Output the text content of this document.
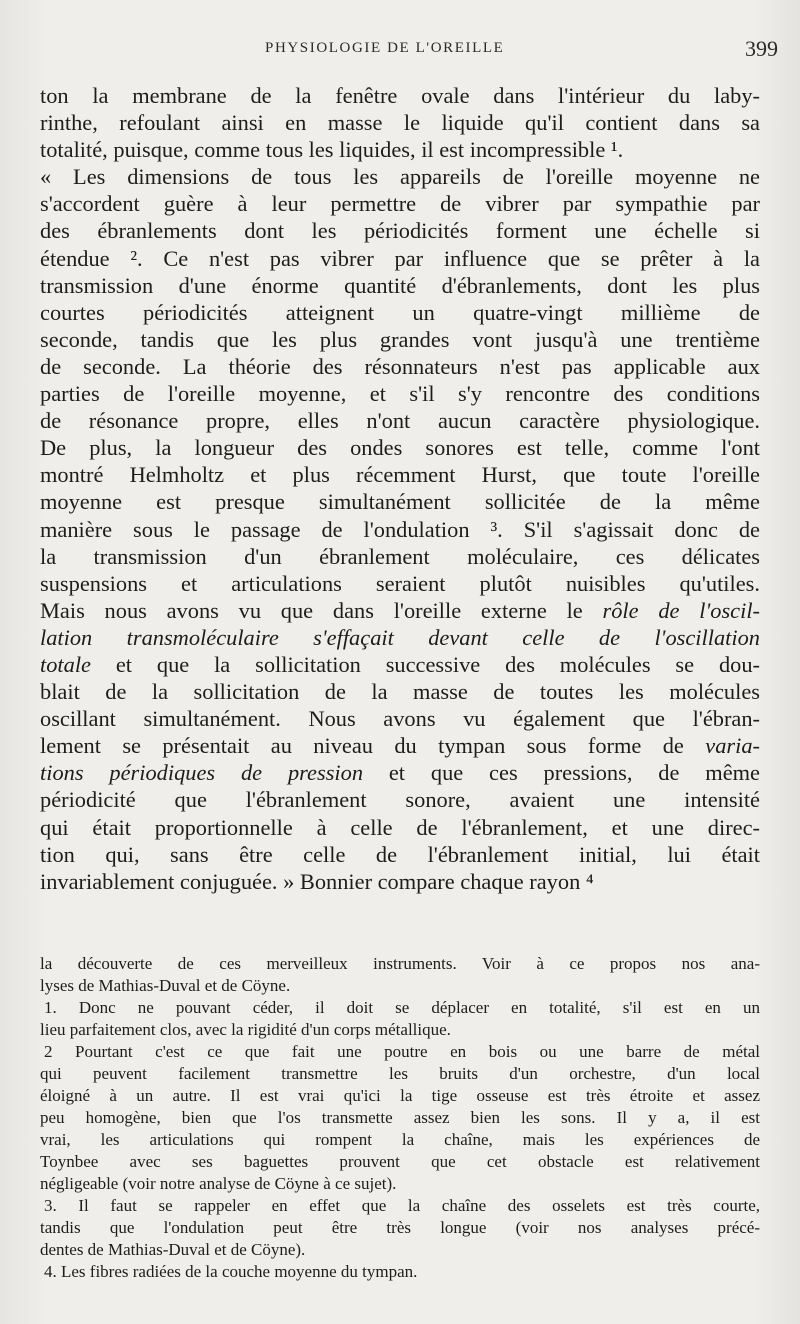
PHYSIOLOGIE DE L'OREILLE	399
ton la membrane de la fenêtre ovale dans l'intérieur du laby-
rinthe, refoulant ainsi en masse le liquide qu'il contient dans sa
totalité, puisque, comme tous les liquides, il est incompressible ¹.
« Les dimensions de tous les appareils de l'oreille moyenne ne
s'accordent guère à leur permettre de vibrer par sympathie par
des ébranlements dont les périodicités forment une échelle si
étendue ². Ce n'est pas vibrer par influence que se prêter à la
transmission d'une énorme quantité d'ébranlements, dont les plus
courtes périodicités atteignent un quatre-vingt millième de
seconde, tandis que les plus grandes vont jusqu'à une trentième
de seconde. La théorie des résonnateurs n'est pas applicable aux
parties de l'oreille moyenne, et s'il s'y rencontre des conditions
de résonance propre, elles n'ont aucun caractère physiologique.
De plus, la longueur des ondes sonores est telle, comme l'ont
montré Helmholtz et plus récemment Hurst, que toute l'oreille
moyenne est presque simultanément sollicitée de la même
manière sous le passage de l'ondulation ³. S'il s'agissait donc de
la transmission d'un ébranlement moléculaire, ces délicates
suspensions et articulations seraient plutôt nuisibles qu'utiles.
Mais nous avons vu que dans l'oreille externe le rôle de l'oscil-
lation transmoléculaire s'effaçait devant celle de l'oscillation
totale et que la sollicitation successive des molécules se dou-
blait de la sollicitation de la masse de toutes les molécules
oscillant simultanément. Nous avons vu également que l'ébran-
lement se présentait au niveau du tympan sous forme de varia-
tions périodiques de pression et que ces pressions, de même
périodicité que l'ébranlement sonore, avaient une intensité
qui était proportionnelle à celle de l'ébranlement, et une direc-
tion qui, sans être celle de l'ébranlement initial, lui était
invariablement conjuguée. » Bonnier compare chaque rayon ⁴
la découverte de ces merveilleux instruments. Voir à ce propos nos ana-
lyses de Mathias-Duval et de Cöyne.
1. Donc ne pouvant céder, il doit se déplacer en totalité, s'il est en un
lieu parfaitement clos, avec la rigidité d'un corps métallique.
2 Pourtant c'est ce que fait une poutre en bois ou une barre de métal
qui peuvent facilement transmettre les bruits d'un orchestre, d'un local
éloigné à un autre. Il est vrai qu'ici la tige osseuse est très étroite et assez
peu homogène, bien que l'os transmette assez bien les sons. Il y a, il est
vrai, les articulations qui rompent la chaîne, mais les expériences de
Toynbee avec ses baguettes prouvent que cet obstacle est relativement
négligeable (voir notre analyse de Cöyne à ce sujet).
3. Il faut se rappeler en effet que la chaîne des osselets est très courte,
tandis que l'ondulation peut être très longue (voir nos analyses précé-
dentes de Mathias-Duval et de Cöyne).
4. Les fibres radiées de la couche moyenne du tympan.
